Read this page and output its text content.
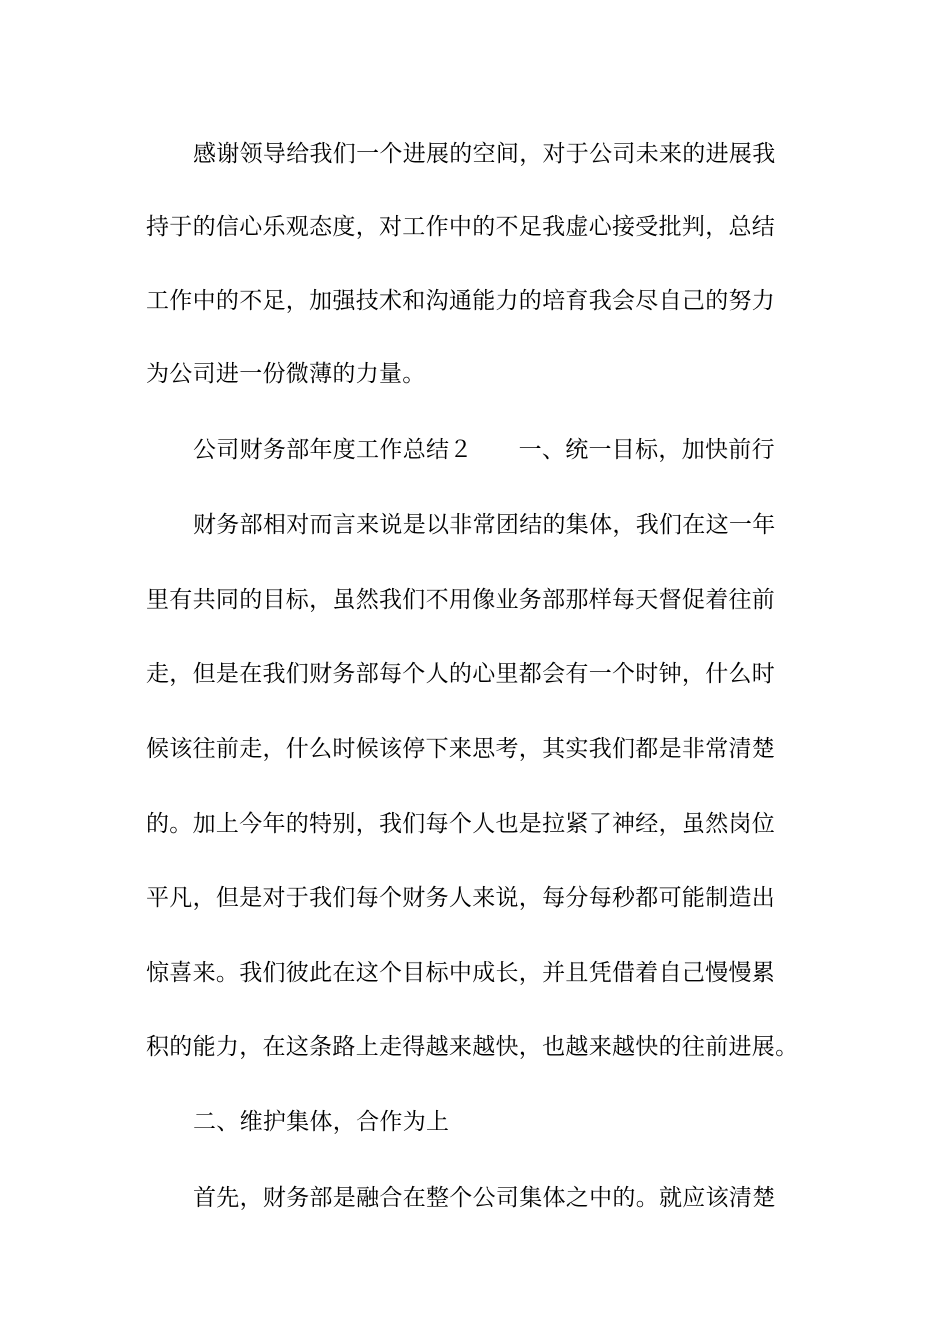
感谢领导给我们一个进展的空间，对于公司未来的进展我
持于的信心乐观态度，对工作中的不足我虚心接受批判，总结
工作中的不足，加强技术和沟通能力的培育我会尽自己的努力
为公司进一份微薄的力量。
公司财务部年度工作总结２ 一、统一目标，加快前行
财务部相对而言来说是以非常团结的集体，我们在这一年
里有共同的目标，虽然我们不用像业务部那样每天督促着往前
走，但是在我们财务部每个人的心里都会有一个时钟，什么时
候该往前走，什么时候该停下来思考，其实我们都是非常清楚
的。加上今年的特别，我们每个人也是拉紧了神经，虽然岗位
平凡，但是对于我们每个财务人来说，每分每秒都可能制造出
惊喜来。我们彼此在这个目标中成长，并且凭借着自己慢慢累
积的能力，在这条路上走得越来越快，也越来越快的往前进展。
二、维护集体，合作为上
首先，财务部是融合在整个公司集体之中的。就应该清楚
